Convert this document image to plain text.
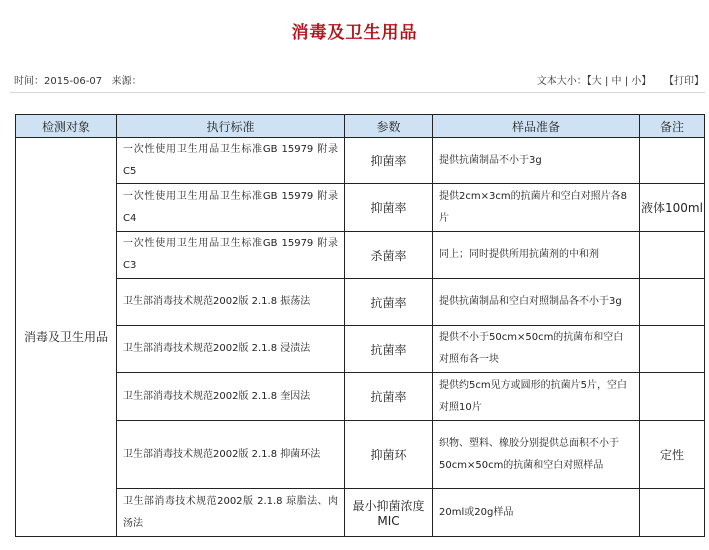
消毒及卫生用品
时间：2015-06-07 来源：	文本大小：【大 | 中 | 小】 【打印】
检测对象	执行标准	参数	样品准备	备注
消毒及卫生用品	一次性使用卫生用品卫生标准GB 15979 附录C5	抑菌率	提供抗菌制品不小于3g	
	一次性使用卫生用品卫生标准GB 15979 附录C4	抑菌率	提供2cm×3cm的抗菌片和空白对照片各8片	液体100ml
	一次性使用卫生用品卫生标准GB 15979 附录C3	杀菌率	同上；同时提供所用抗菌剂的中和剂	
	卫生部消毒技术规范2002版 2.1.8 振荡法	抗菌率	提供抗菌制品和空白对照制品各不小于3g	
	卫生部消毒技术规范2002版 2.1.8 浸渍法	抗菌率	提供不小于50cm×50cm的抗菌布和空白对照布各一块	
	卫生部消毒技术规范2002版 2.1.8 奎因法	抗菌率	提供约5cm见方或圆形的抗菌片5片，空白对照10片	
	卫生部消毒技术规范2002版 2.1.8 抑菌环法	抑菌环	织物、塑料、橡胶分别提供总面积不小于50cm×50cm的抗菌和空白对照样品	定性
	卫生部消毒技术规范2002版 2.1.8 琼脂法、肉汤法	最小抑菌浓度MIC	20ml或20g样品	
